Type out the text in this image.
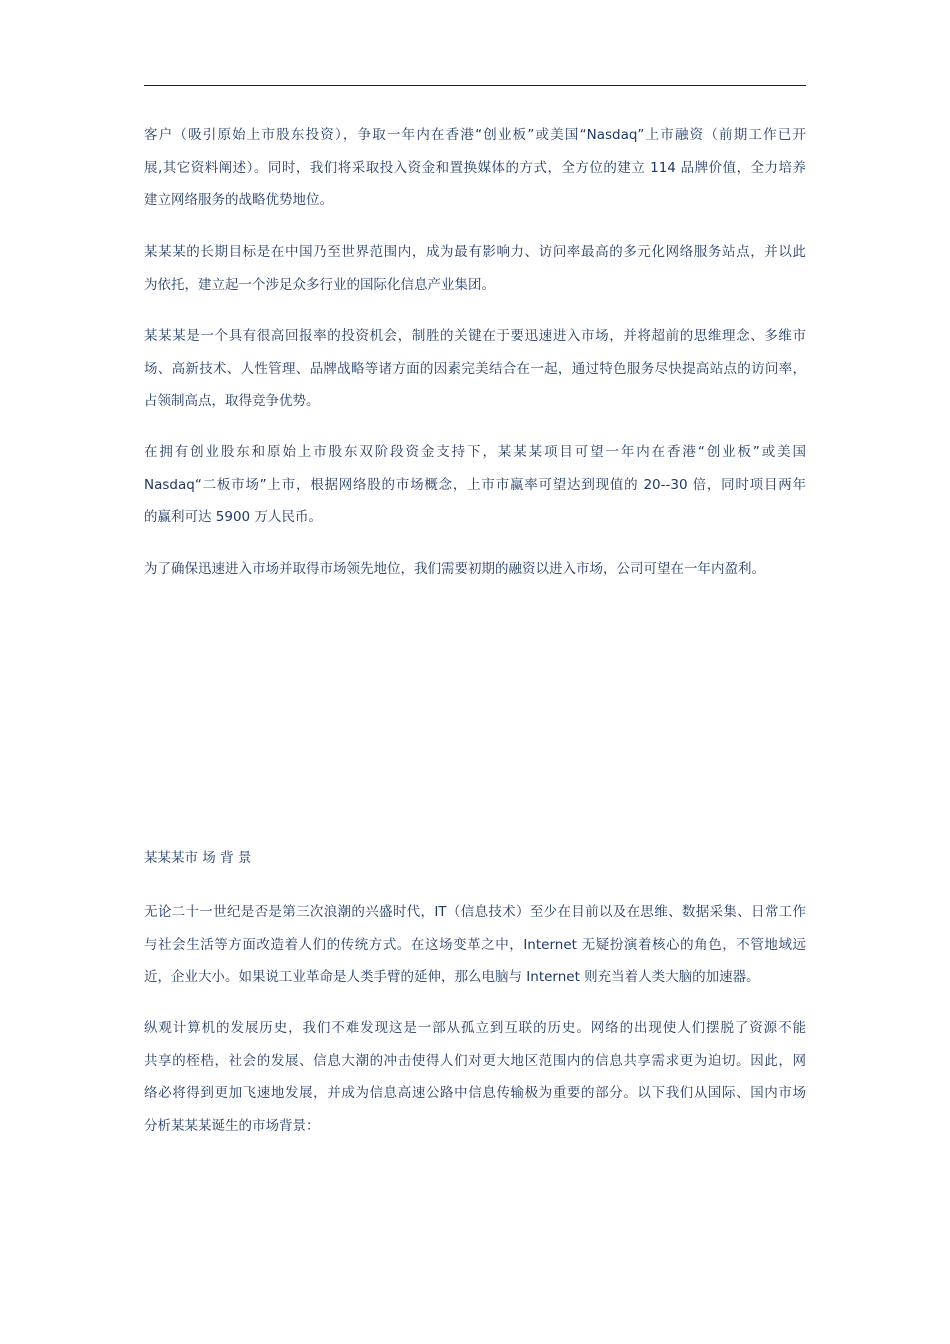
客户（吸引原始上市股东投资），争取一年内在香港“创业板”或美国“Nasdaq”上市融资（前期工作已开
展,其它资料阐述）。同时，我们将采取投入资金和置换媒体的方式，全方位的建立 114 品牌价值，全力培养
建立网络服务的战略优势地位。

某某某的长期目标是在中国乃至世界范围内，成为最有影响力、访问率最高的多元化网络服务站点，并以此
为依托，建立起一个涉足众多行业的国际化信息产业集团。

某某某是一个具有很高回报率的投资机会，制胜的关键在于要迅速进入市场，并将超前的思维理念、多维市
场、高新技术、人性管理、品牌战略等诸方面的因素完美结合在一起，通过特色服务尽快提高站点的访问率，
占领制高点，取得竞争优势。

在拥有创业股东和原始上市股东双阶段资金支持下，某某某项目可望一年内在香港“创业板”或美国
Nasdaq“二板市场”上市，根据网络股的市场概念，上市市赢率可望达到现值的 20--30 倍，同时项目两年
的赢利可达 5900 万人民币。

为了确保迅速进入市场并取得市场领先地位，我们需要初期的融资以进入市场，公司可望在一年内盈利。

某某某市 场 背 景

无论二十一世纪是否是第三次浪潮的兴盛时代，IT（信息技术）至少在目前以及在思维、数据采集、日常工作
与社会生活等方面改造着人们的传统方式。在这场变革之中，Internet 无疑扮演着核心的角色，不管地域远
近，企业大小。如果说工业革命是人类手臂的延伸，那么电脑与 Internet 则充当着人类大脑的加速器。

纵观计算机的发展历史，我们不难发现这是一部从孤立到互联的历史。网络的出现使人们摆脱了资源不能
共享的桎梏，社会的发展、信息大潮的冲击使得人们对更大地区范围内的信息共享需求更为迫切。因此，网
络必将得到更加飞速地发展，并成为信息高速公路中信息传输极为重要的部分。以下我们从国际、国内市场
分析某某某诞生的市场背景：
